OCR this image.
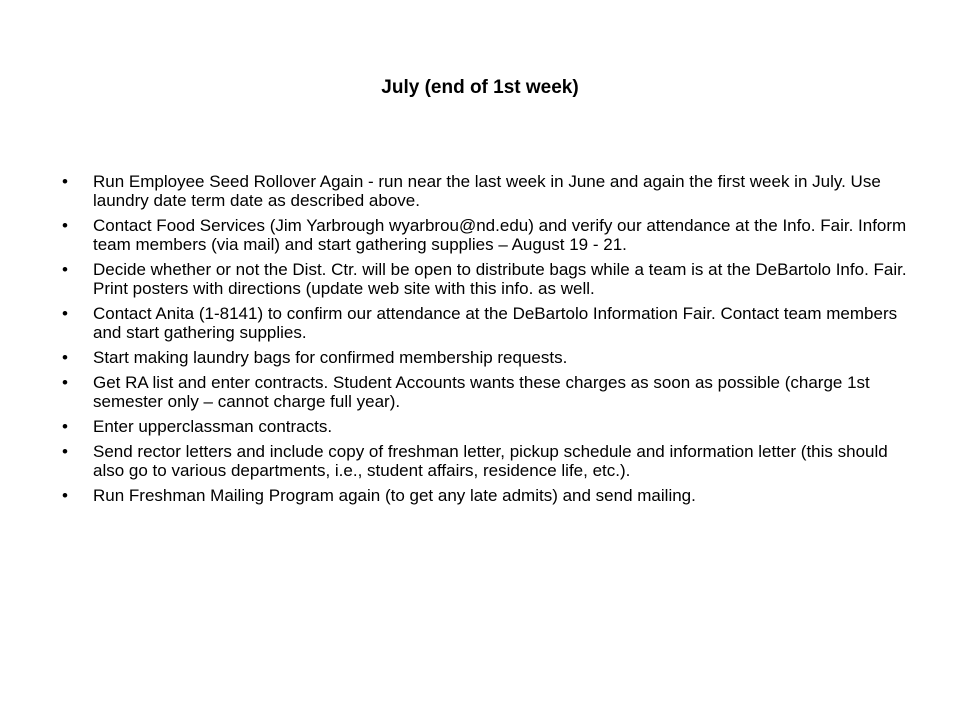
July (end of 1st week)
•	Run Employee Seed Rollover Again - run near the last week in June and again the first week in July. Use laundry date term date as described above.
•	Contact Food Services (Jim Yarbrough wyarbrou@nd.edu) and verify our attendance at the Info. Fair. Inform team members (via mail) and start gathering supplies – August 19 - 21.
•	Decide whether or not the Dist. Ctr. will be open to distribute bags while a team is at the DeBartolo Info. Fair. Print posters with directions (update web site with this info. as well.
•	Contact Anita (1-8141) to confirm our attendance at the DeBartolo Information Fair. Contact team members and start gathering supplies.
•	Start making laundry bags for confirmed membership requests.
•	Get RA list and enter contracts. Student Accounts wants these charges as soon as possible (charge 1st semester only – cannot charge full year).
•	Enter upperclassman contracts.
•	Send rector letters and include copy of freshman letter, pickup schedule and information letter (this should also go to various departments, i.e., student affairs, residence life, etc.).
•	Run Freshman Mailing Program again (to get any late admits) and send mailing.
